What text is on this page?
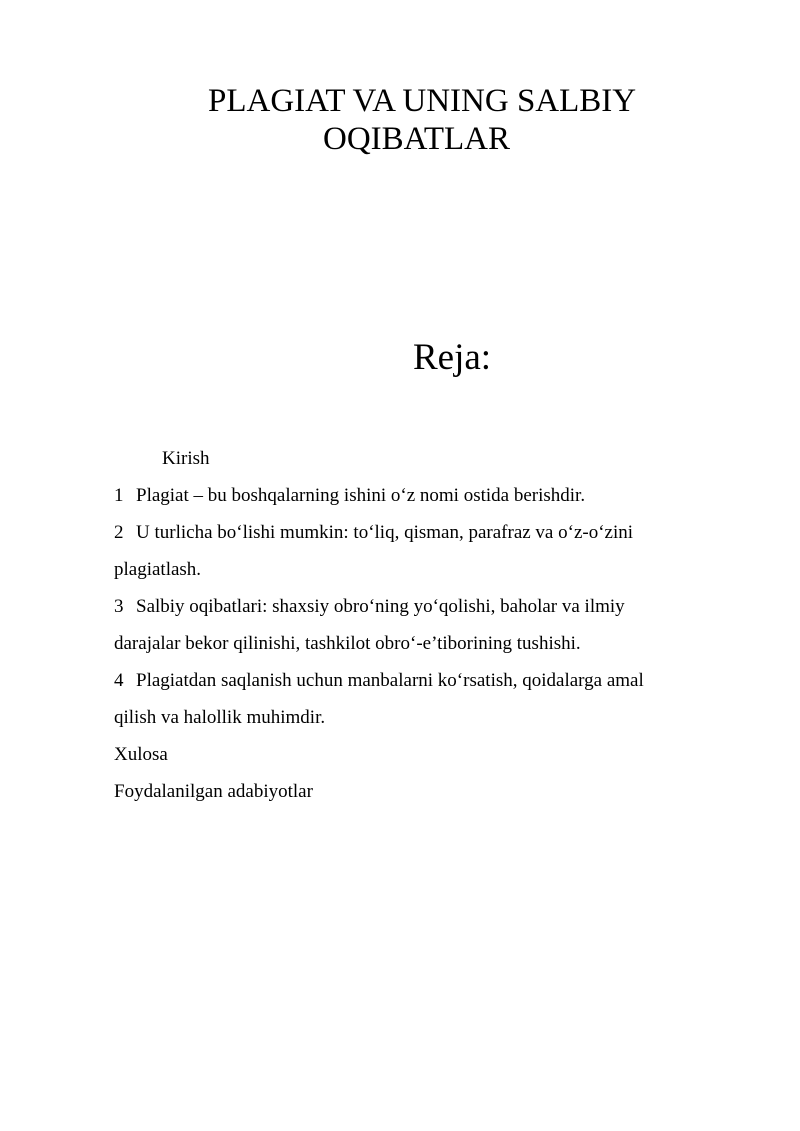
PLAGIAT VA UNING SALBIY
OQIBATLAR
Reja:
Kirish
1 Plagiat – bu boshqalarning ishini o‘z nomi ostida berishdir.
2 U turlicha bo‘lishi mumkin: to‘liq, qisman, parafraz va o‘z-o‘zini
plagiatlash.
3 Salbiy oqibatlari: shaxsiy obro‘ning yo‘qolishi, baholar va ilmiy
darajalar bekor qilinishi, tashkilot obro‘-e’tiborining tushishi.
4 Plagiatdan saqlanish uchun manbalarni ko‘rsatish, qoidalarga amal
qilish va halollik muhimdir.
Xulosa
Foydalanilgan adabiyotlar
